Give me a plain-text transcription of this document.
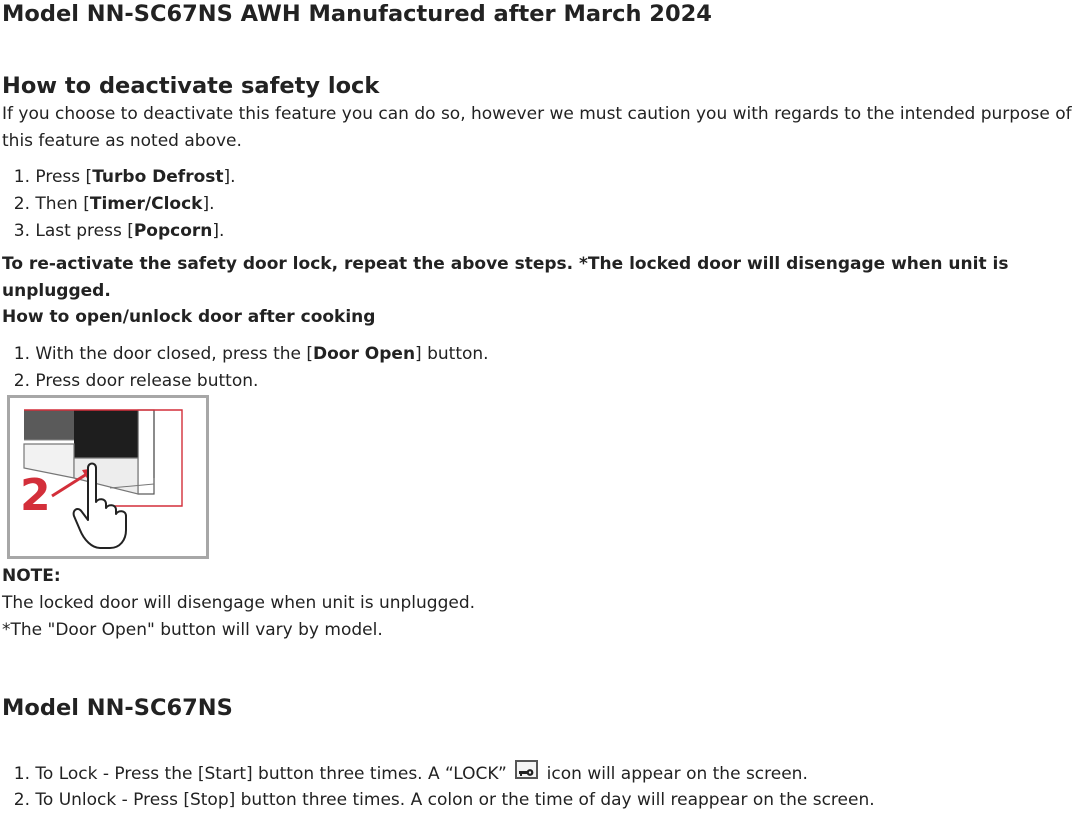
Model NN-SC67NS AWH Manufactured after March 2024
How to deactivate safety lock

If you choose to deactivate this feature you can do so, however we must caution you with regards to the intended purpose of this feature as noted above.

1. Press [Turbo Defrost].
2. Then [Timer/Clock].
3. Last press [Popcorn].

To re-activate the safety door lock, repeat the above steps. *The locked door will disengage when unit is unplugged.

How to open/unlock door after cooking

1. With the door closed, press the [Door Open] button.
2. Press door release button.
2

NOTE:

The locked door will disengage when unit is unplugged.

*The "Door Open" button will vary by model.

Model NN-SC67NS
1. To Lock - Press the [Start] button three times. A “LOCK” icon will appear on the screen.
2. To Unlock - Press [Stop] button three times. A colon or the time of day will reappear on the screen.
